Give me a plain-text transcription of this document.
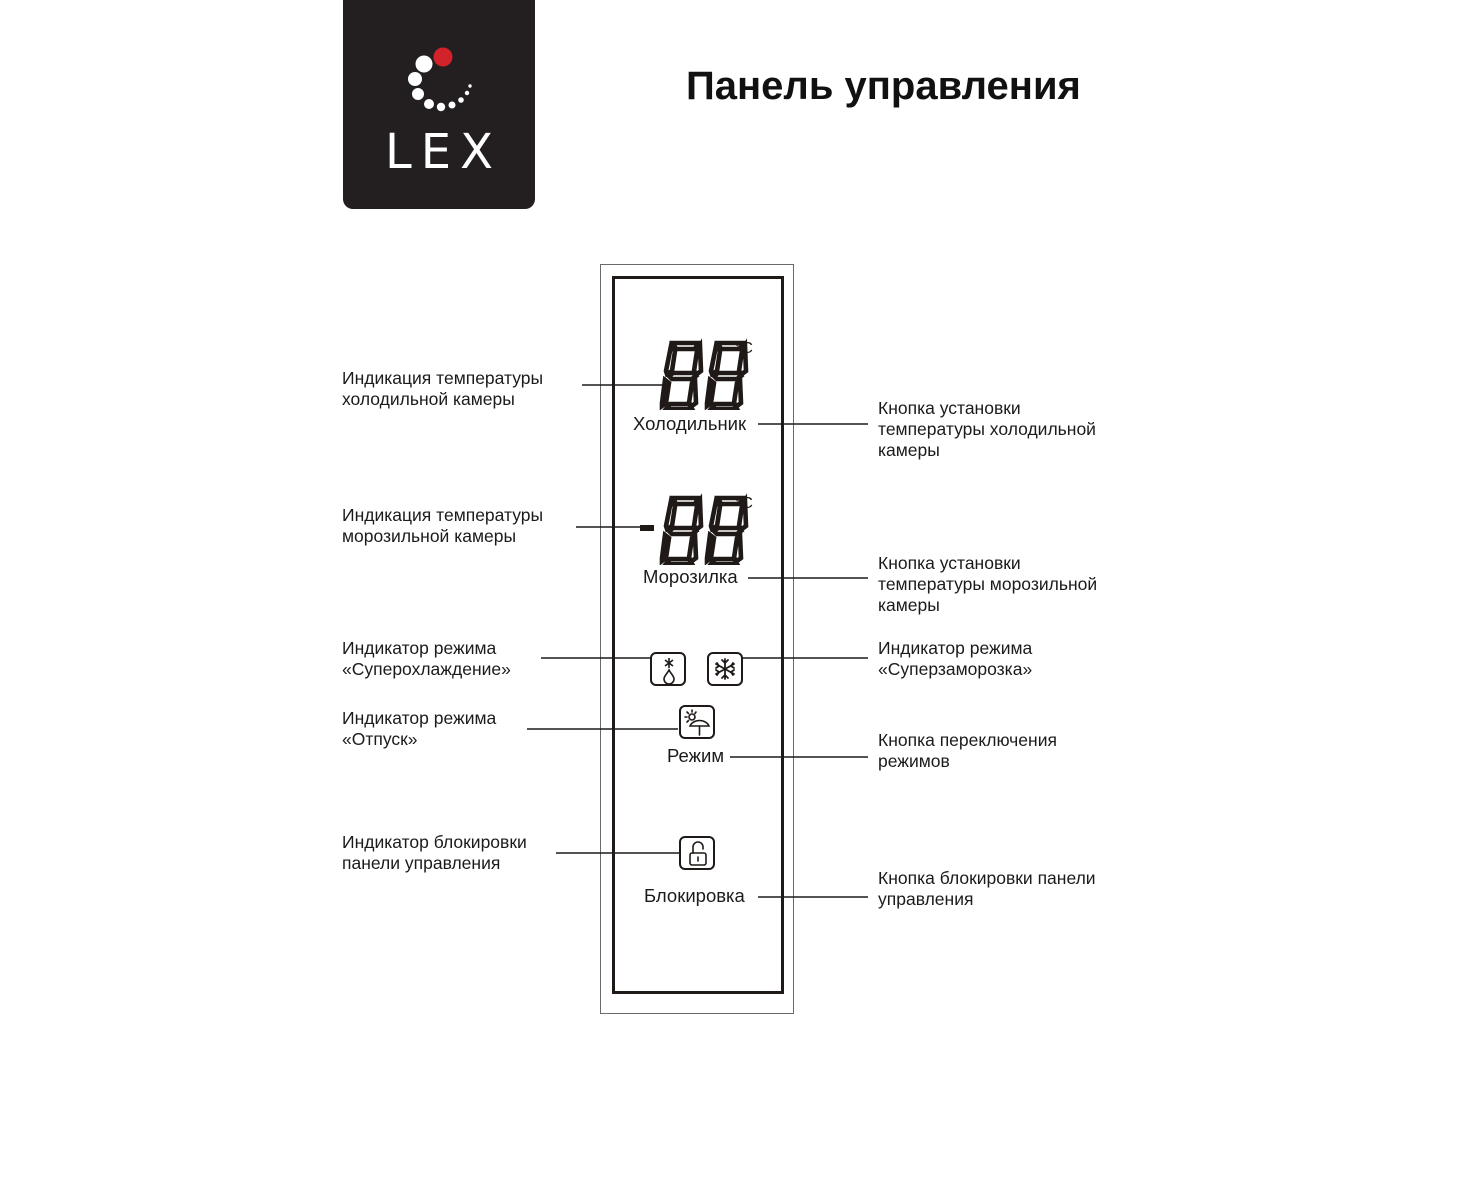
LEX
Панель управления
°C
°C
Холодильник
Морозилка
Режим
Блокировка
Индикация температуры
холодильной камеры
Индикация температуры
морозильной камеры
Индикатор режима
«Суперохлаждение»
Индикатор режима
«Отпуск»
Индикатор блокировки
панели управления
Кнопка установки
температуры холодильной
камеры
Кнопка установки
температуры морозильной
камеры
Индикатор режима
«Суперзаморозка»
Кнопка переключения
режимов
Кнопка блокировки панели
управления
